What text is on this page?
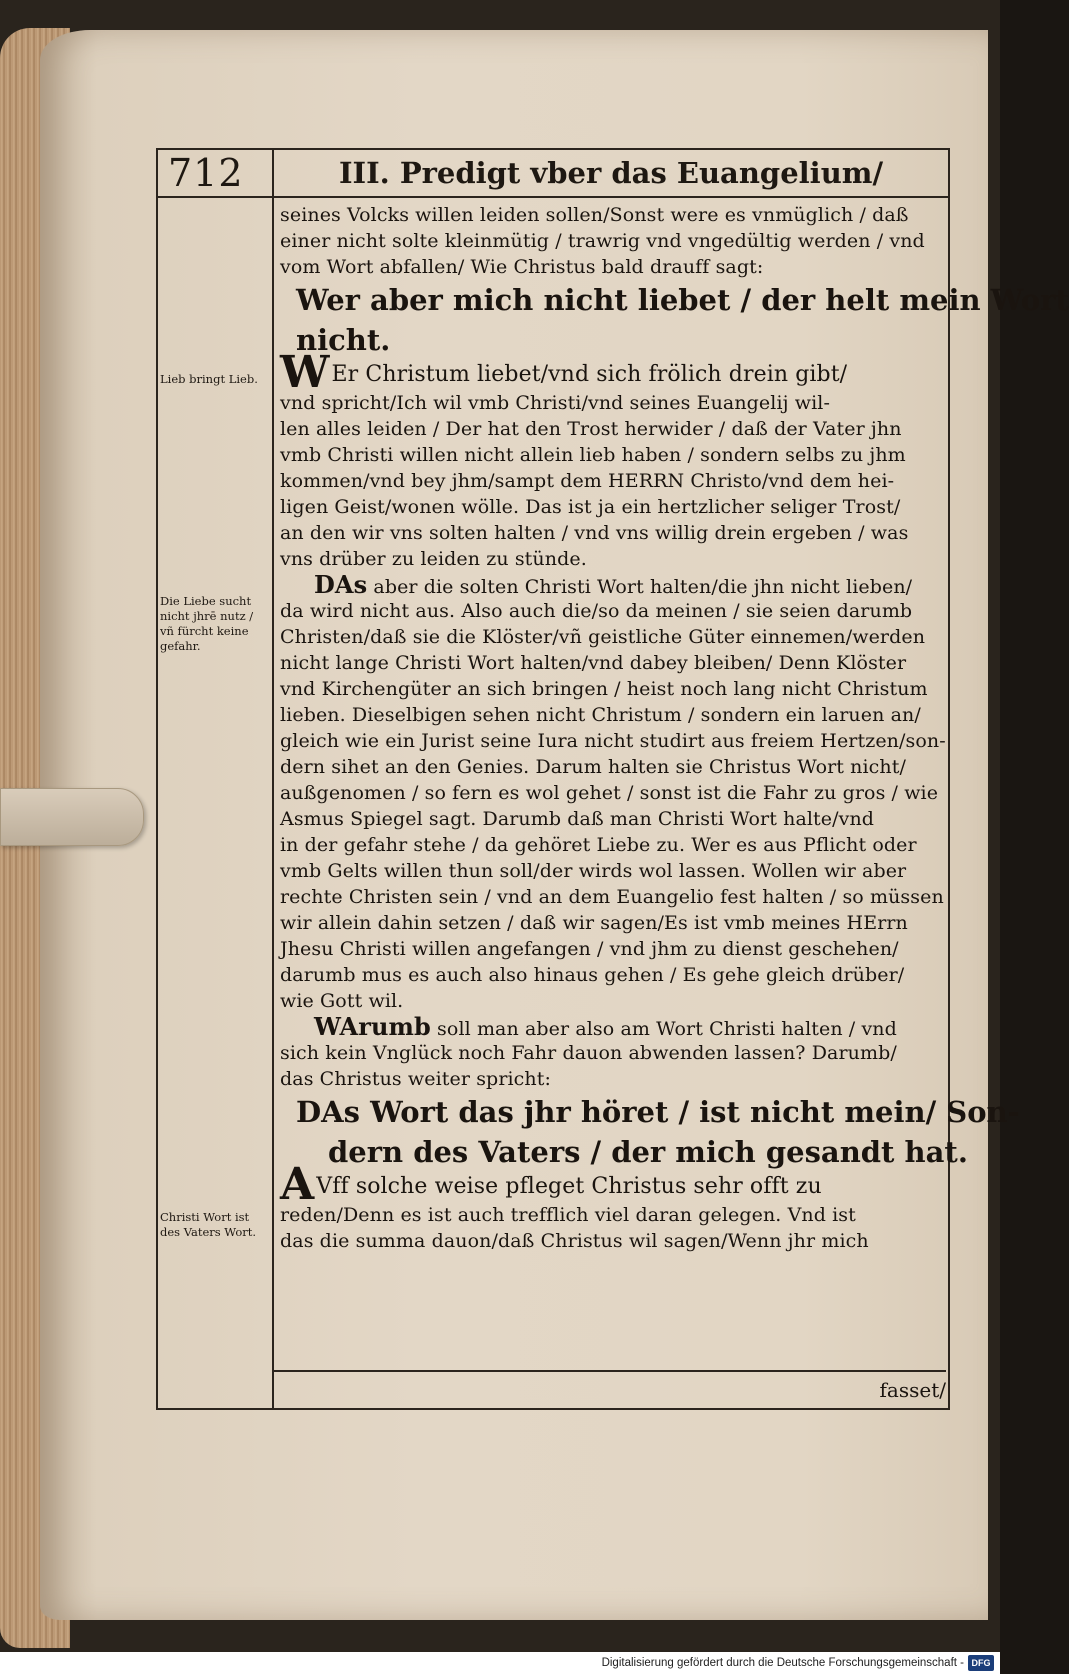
712	III. Predigt vber das Euangelium/
Lieb bringt Lieb.
Die Liebe sucht nicht jhrē nutz / vñ fürcht keine gefahr.
Christi Wort ist des Vaters Wort.
seines Volcks willen leiden sollen/Sonst were es vnmüglich / daß
einer nicht solte kleinmütig / trawrig vnd vngedültig werden / vnd
vom Wort abfallen/ Wie Christus bald drauff sagt:
Wer aber mich nicht liebet / der helt mein Wort
nicht.
WEr Christum liebet/vnd sich frölich drein gibt/
vnd spricht/Ich wil vmb Christi/vnd seines Euangelij wil-
len alles leiden / Der hat den Trost herwider / daß der Vater jhn
vmb Christi willen nicht allein lieb haben / sondern selbs zu jhm
kommen/vnd bey jhm/sampt dem HERRN Christo/vnd dem hei-
ligen Geist/wonen wölle. Das ist ja ein hertzlicher seliger Trost/
an den wir vns solten halten / vnd vns willig drein ergeben / was
vns drüber zu leiden zu stünde.
DAs aber die solten Christi Wort halten/die jhn nicht lieben/
da wird nicht aus. Also auch die/so da meinen / sie seien darumb
Christen/daß sie die Klöster/vñ geistliche Güter einnemen/werden
nicht lange Christi Wort halten/vnd dabey bleiben/ Denn Klöster
vnd Kirchengüter an sich bringen / heist noch lang nicht Christum
lieben. Dieselbigen sehen nicht Christum / sondern ein laruen an/
gleich wie ein Jurist seine Iura nicht studirt aus freiem Hertzen/son-
dern sihet an den Genies. Darum halten sie Christus Wort nicht/
außgenomen / so fern es wol gehet / sonst ist die Fahr zu gros / wie
Asmus Spiegel sagt. Darumb daß man Christi Wort halte/vnd
in der gefahr stehe / da gehöret Liebe zu. Wer es aus Pflicht oder
vmb Gelts willen thun soll/der wirds wol lassen. Wollen wir aber
rechte Christen sein / vnd an dem Euangelio fest halten / so müssen
wir allein dahin setzen / daß wir sagen/Es ist vmb meines HErrn
Jhesu Christi willen angefangen / vnd jhm zu dienst geschehen/
darumb mus es auch also hinaus gehen / Es gehe gleich drüber/
wie Gott wil.
WArumb soll man aber also am Wort Christi halten / vnd
sich kein Vnglück noch Fahr dauon abwenden lassen? Darumb/
das Christus weiter spricht:
DAs Wort das jhr höret / ist nicht mein/ Son-
dern des Vaters / der mich gesandt hat.
AVff solche weise pfleget Christus sehr offt zu
reden/Denn es ist auch trefflich viel daran gelegen. Vnd ist
das die summa dauon/daß Christus wil sagen/Wenn jhr mich
fasset/
Digitalisierung gefördert durch die Deutsche Forschungsgemeinschaft - DFG
